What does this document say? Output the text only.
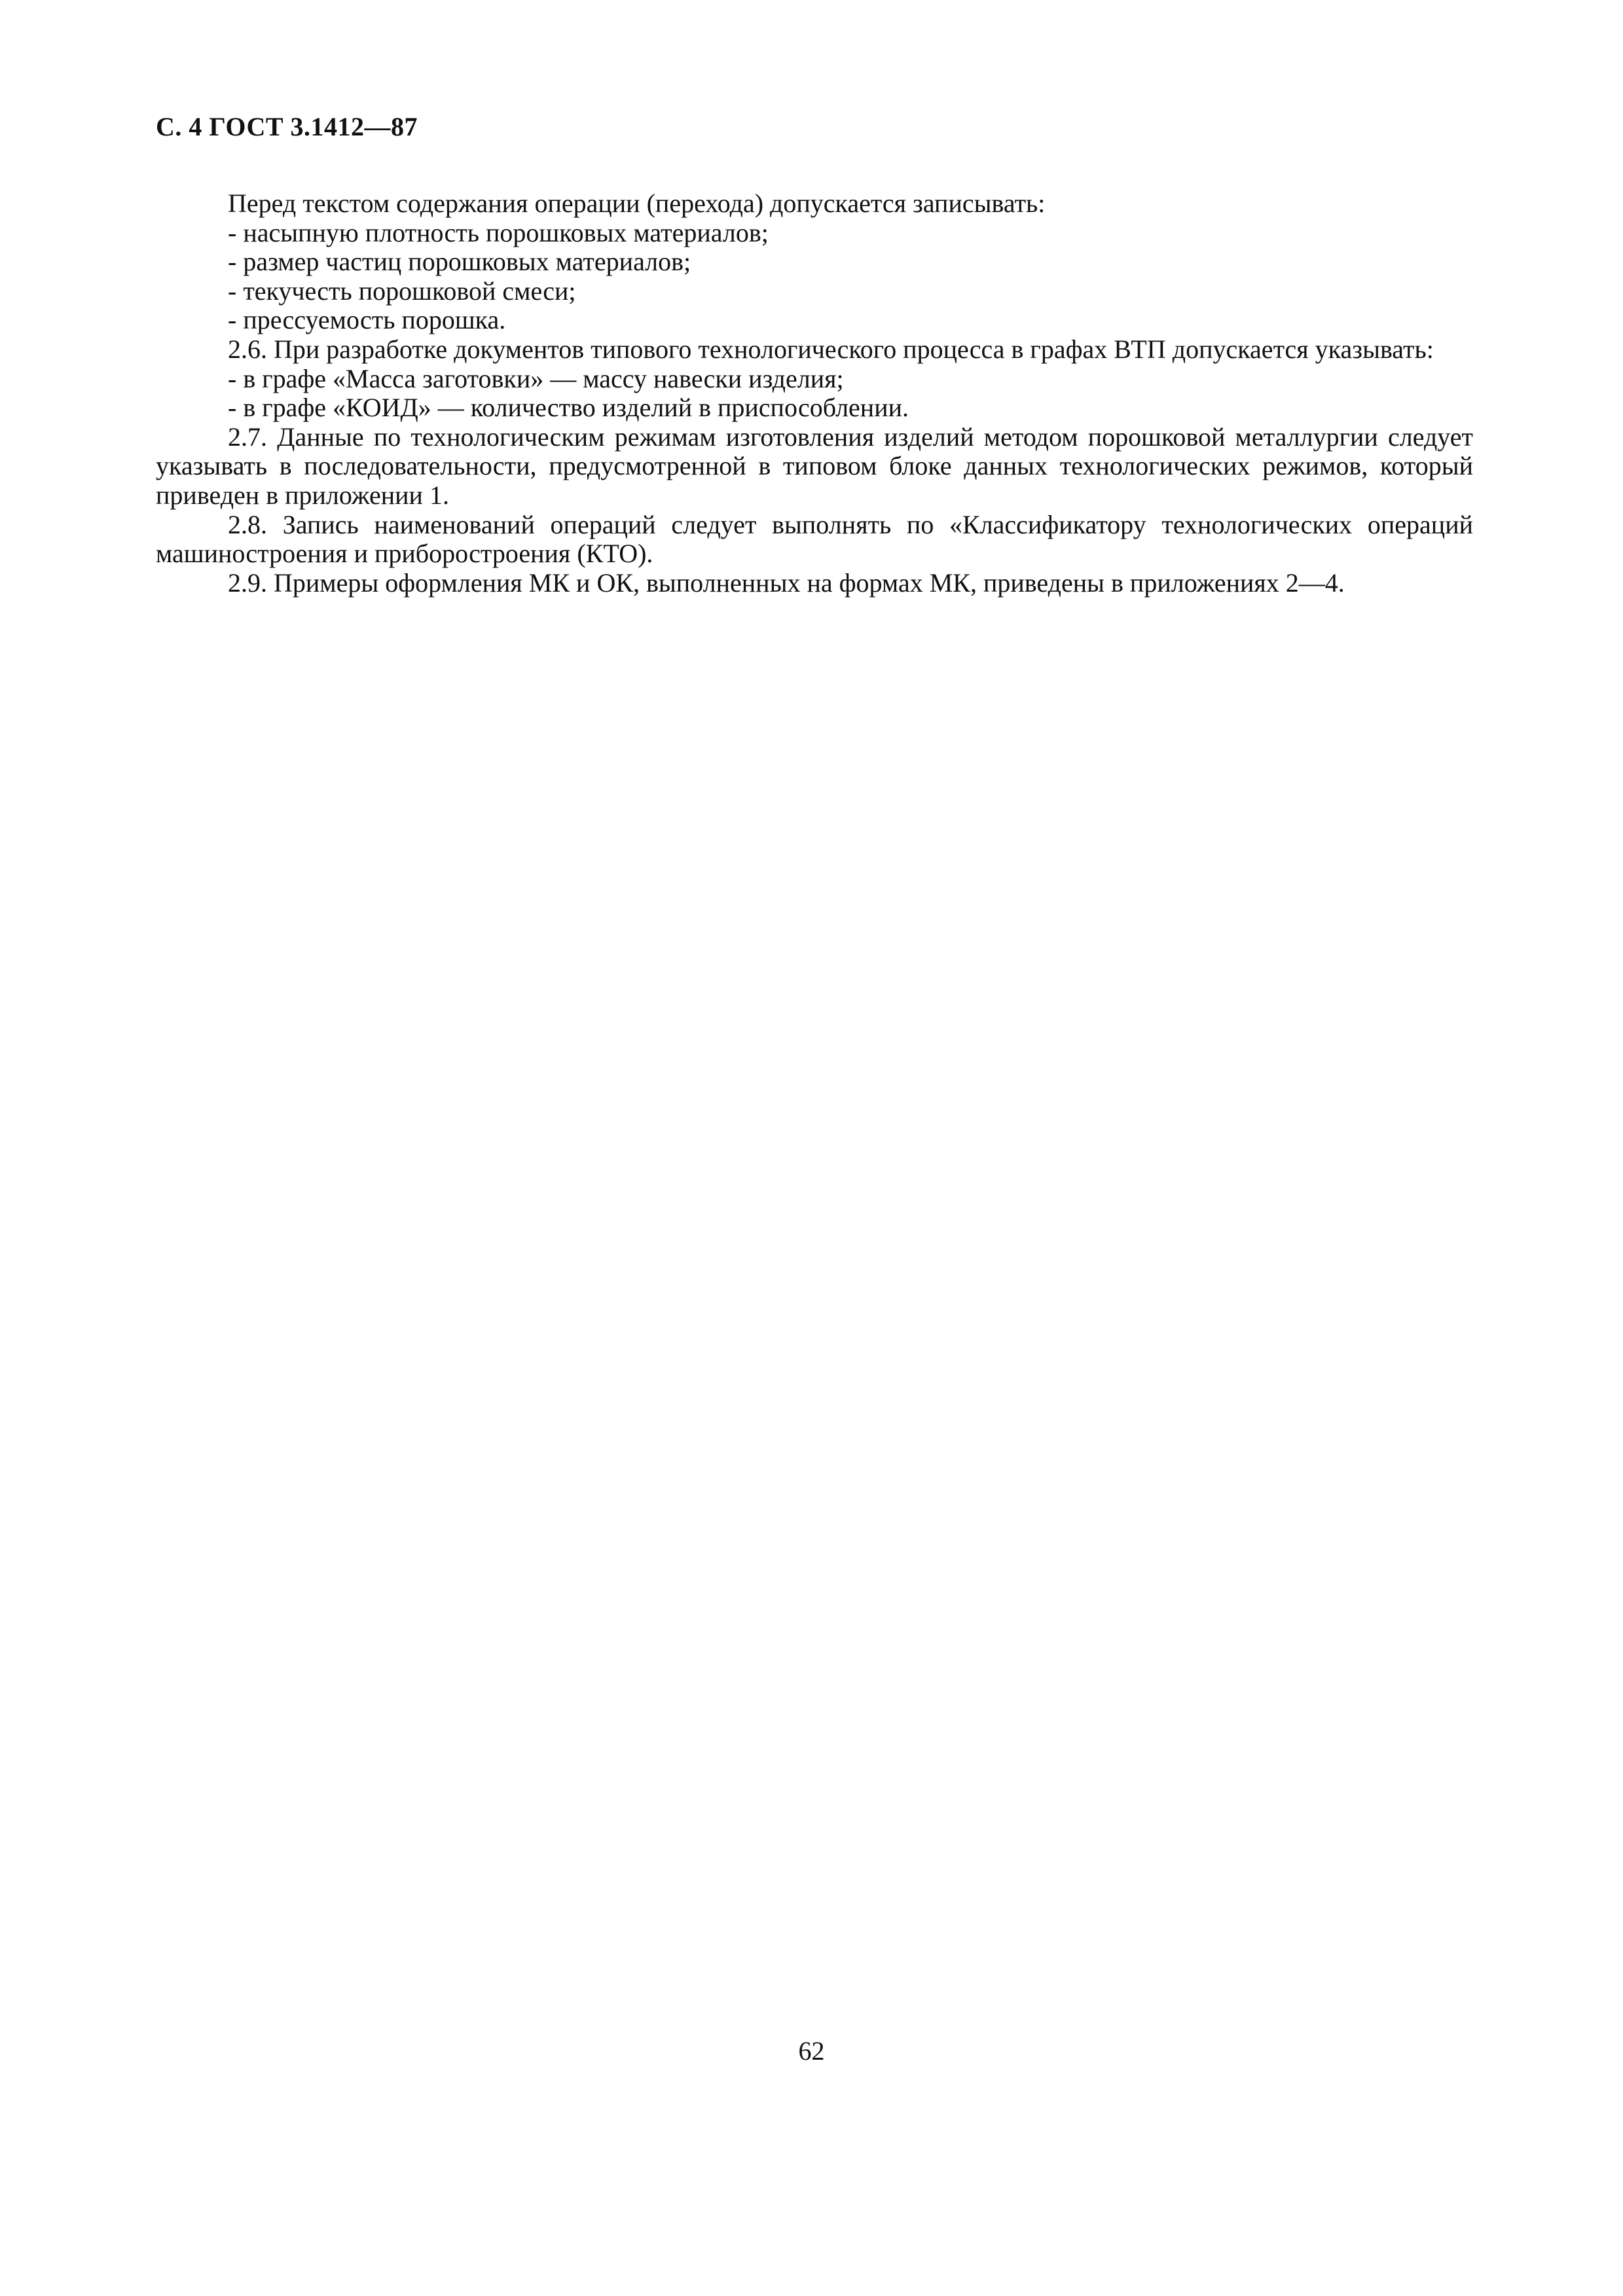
С. 4 ГОСТ 3.1412—87

Перед текстом содержания операции (перехода) допускается записывать:

- насыпную плотность порошковых материалов;

- размер частиц порошковых материалов;

- текучесть порошковой смеси;

- прессуемость порошка.

2.6. При разработке документов типового технологического процесса в графах ВТП допускается указывать:

- в графе «Масса заготовки» — массу навески изделия;

- в графе «КОИД» — количество изделий в приспособлении.

2.7. Данные по технологическим режимам изготовления изделий методом порошковой металлургии следует указывать в последовательности, предусмотренной в типовом блоке данных технологических режимов, который приведен в приложении 1.

2.8. Запись наименований операций следует выполнять по «Классификатору технологических операций машиностроения и приборостроения (КТО).

2.9. Примеры оформления МК и ОК, выполненных на формах МК, приведены в приложениях 2—4.

62
